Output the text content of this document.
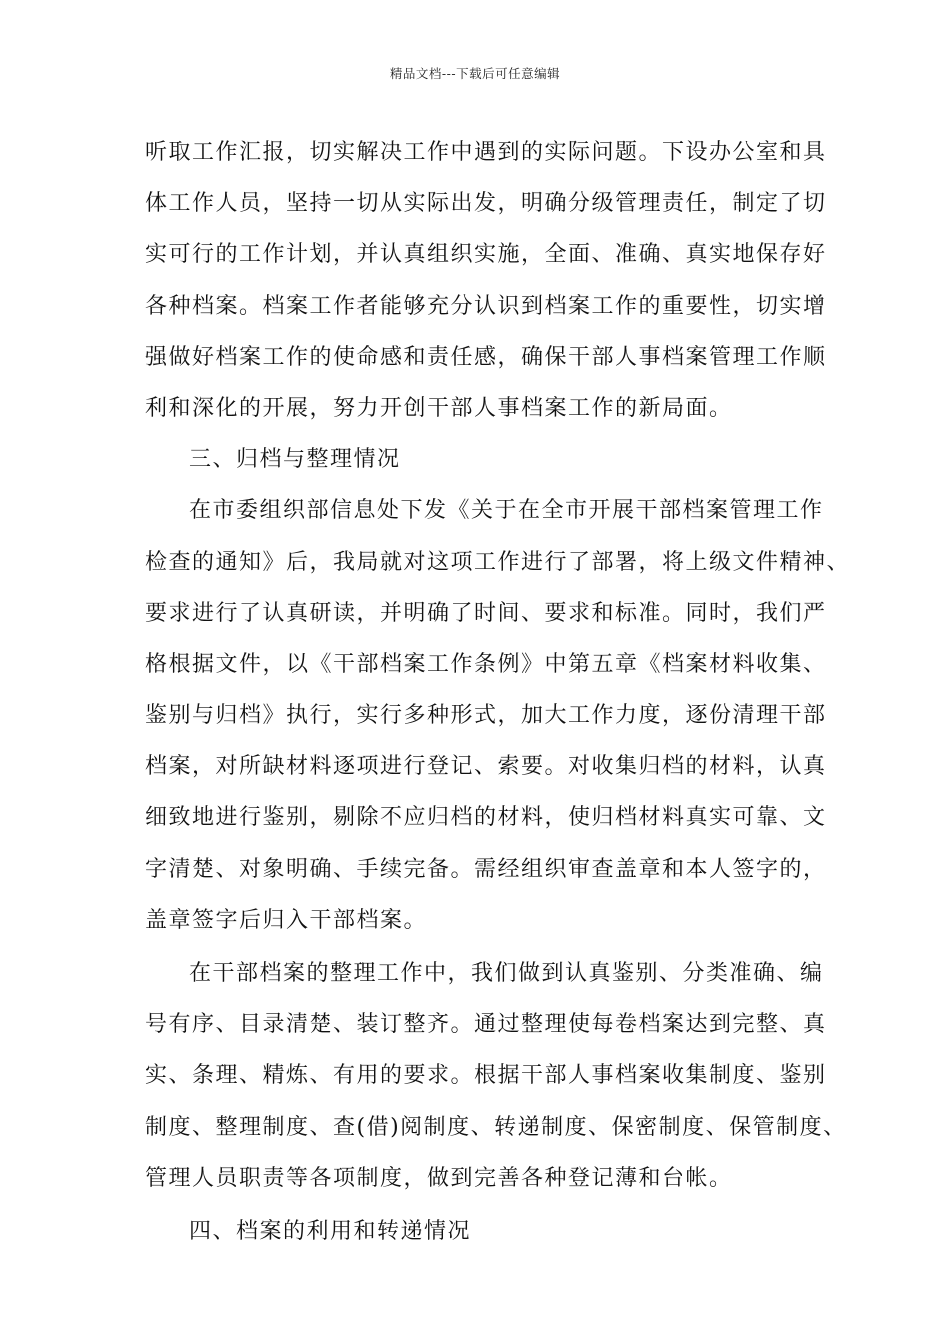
精品文档---下载后可任意编辑
听取工作汇报，切实解决工作中遇到的实际问题。下设办公室和具
体工作人员，坚持一切从实际出发，明确分级管理责任，制定了切
实可行的工作计划，并认真组织实施，全面、准确、真实地保存好
各种档案。档案工作者能够充分认识到档案工作的重要性，切实增
强做好档案工作的使命感和责任感，确保干部人事档案管理工作顺
利和深化的开展，努力开创干部人事档案工作的新局面。
三、归档与整理情况
在市委组织部信息处下发《关于在全市开展干部档案管理工作
检查的通知》后，我局就对这项工作进行了部署，将上级文件精神、
要求进行了认真研读，并明确了时间、要求和标准。同时，我们严
格根据文件，以《干部档案工作条例》中第五章《档案材料收集、
鉴别与归档》执行，实行多种形式，加大工作力度，逐份清理干部
档案，对所缺材料逐项进行登记、索要。对收集归档的材料，认真
细致地进行鉴别，剔除不应归档的材料，使归档材料真实可靠、文
字清楚、对象明确、手续完备。需经组织审查盖章和本人签字的，
盖章签字后归入干部档案。
在干部档案的整理工作中，我们做到认真鉴别、分类准确、编
号有序、目录清楚、装订整齐。通过整理使每卷档案达到完整、真
实、条理、精炼、有用的要求。根据干部人事档案收集制度、鉴别
制度、整理制度、查(借)阅制度、转递制度、保密制度、保管制度、
管理人员职责等各项制度，做到完善各种登记薄和台帐。
四、档案的利用和转递情况
